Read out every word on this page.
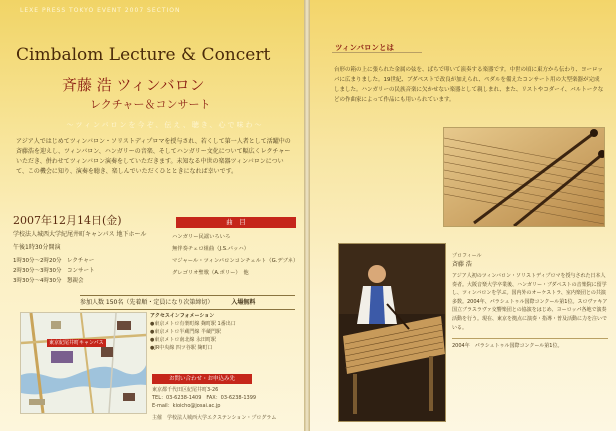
LEXE PRESS TOKYO EVENT 2007 SECTION
Cimbalom Lecture & Concert
斉藤 浩 ツィンバロン
レクチャー＆コンサート
〜ツィンバロンを今ぞ、伝え、聴き、心で味わ〜
アジア人ではじめてツィンバロン・ソリストディプロマを授与され、若くして第一人者として活躍中の斉藤浩を迎えし、ツィンバロン、ハンガリーの音楽、そしてハンガリー文化について幅広くレクチャーいただき、併わせてツィンバロン演奏をしていただきます。未知なる中世の楽器ツィンバロンについて、この機会に知り、演奏を聴き、楽しんでいただくひとときになれば幸いです。
2007年12月14日(金)
学校法人城西大学紀尾井町キャンパス 地下ホール
午後1時30分開演
1時30分〜2時20分　レクチャー
2時30分〜3時30分　コンサート
3時30分〜4時30分　懇親会
曲　目
ハンガリー民謡いろいろ
無伴奏チェロ組曲（J.S.バッハ）
マジャール・ツィンバロンコンチェルト（G.デブネ）
グレゴリオ聖歌（A.ボリー）　他
参加人数 150名（先着順・定員になり次第締切）	入場無料
東京紀尾井町キャンパス
アクセスインフォメーション
●東京メトロ有楽町線 麹町駅 1番出口
●東京メトロ半蔵門線 半蔵門駅
●東京メトロ南北線 永田町駅
●JR中央線 四ツ谷駅 麹町口
お問い合わせ・お申込み先
東京都千代田区紀尾井町3-26
TEL：03-6238-1409　FAX：03-6238-1399
E-mail：kioicho@josai.ac.jp
主催　学校法人城西大学エクステンション・プログラム
ツィンバロンとは
台形の箱の上に張られた金属の弦を、ばちで叩いて演奏する楽器です。中世の頃に東方から伝わり、ヨーロッパに広まりました。19世紀、ブダペストで改良が加えられ、ペダルを備えたコンサート用の大型楽器が完成しました。ハンガリーの民族音楽に欠かせない楽器として親しまれ、また、リストやコダーイ、バルトークなどの作曲家によって作品にも用いられています。
プロフィール
斉藤 浩
アジア人初のツィンバロン・ソリストディプロマを授与された日本人奏者。大阪音楽大学卒業後、ハンガリー・ブダペストの音楽院に留学し、ツィンバロンを学ぶ。国内外のオーケストラ、室内楽団との共演多数。2004年、パラシュトゥル国際コンクール第1位。スロヴァキア国立ブラスラヴァ交響楽団との協演をはじめ、ヨーロッパ各地で演奏活動を行う。現在、東京を拠点に演奏・指導・普及活動に力を注いでいる。
2004年　パラシュトゥル国際コンクール第1位。
